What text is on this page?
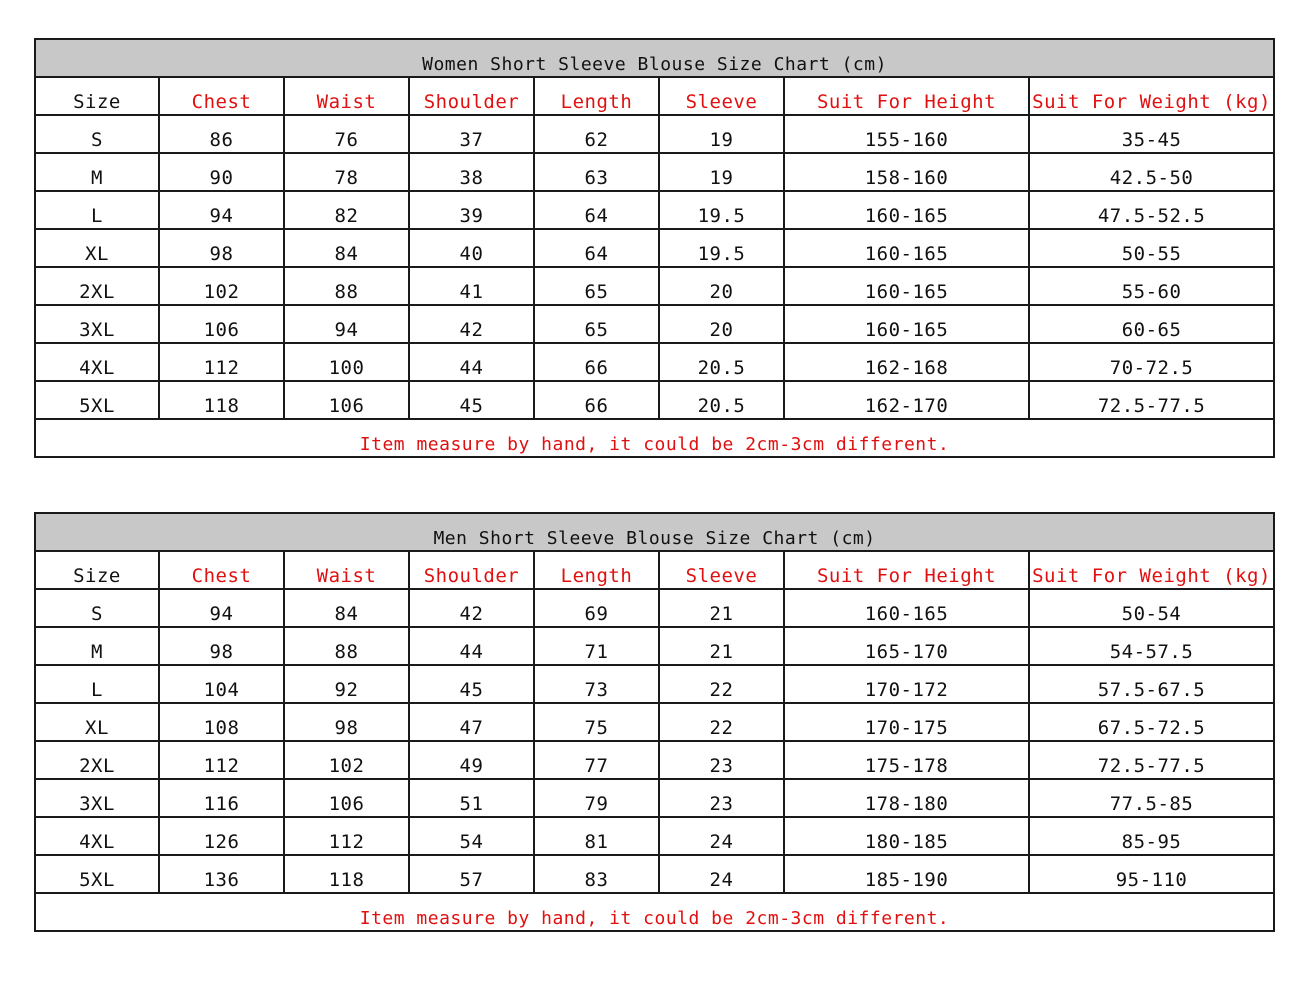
Women Short Sleeve Blouse Size Chart (cm)							
Size	Chest	Waist	Shoulder	Length	Sleeve	Suit For Height	Suit For Weight (kg)
S	86	76	37	62	19	155-160	35-45
M	90	78	38	63	19	158-160	42.5-50
L	94	82	39	64	19.5	160-165	47.5-52.5
XL	98	84	40	64	19.5	160-165	50-55
2XL	102	88	41	65	20	160-165	55-60
3XL	106	94	42	65	20	160-165	60-65
4XL	112	100	44	66	20.5	162-168	70-72.5
5XL	118	106	45	66	20.5	162-170	72.5-77.5
Item measure by hand, it could be 2cm-3cm different.							
Men Short Sleeve Blouse Size Chart (cm)							
Size	Chest	Waist	Shoulder	Length	Sleeve	Suit For Height	Suit For Weight (kg)
S	94	84	42	69	21	160-165	50-54
M	98	88	44	71	21	165-170	54-57.5
L	104	92	45	73	22	170-172	57.5-67.5
XL	108	98	47	75	22	170-175	67.5-72.5
2XL	112	102	49	77	23	175-178	72.5-77.5
3XL	116	106	51	79	23	178-180	77.5-85
4XL	126	112	54	81	24	180-185	85-95
5XL	136	118	57	83	24	185-190	95-110
Item measure by hand, it could be 2cm-3cm different.							
